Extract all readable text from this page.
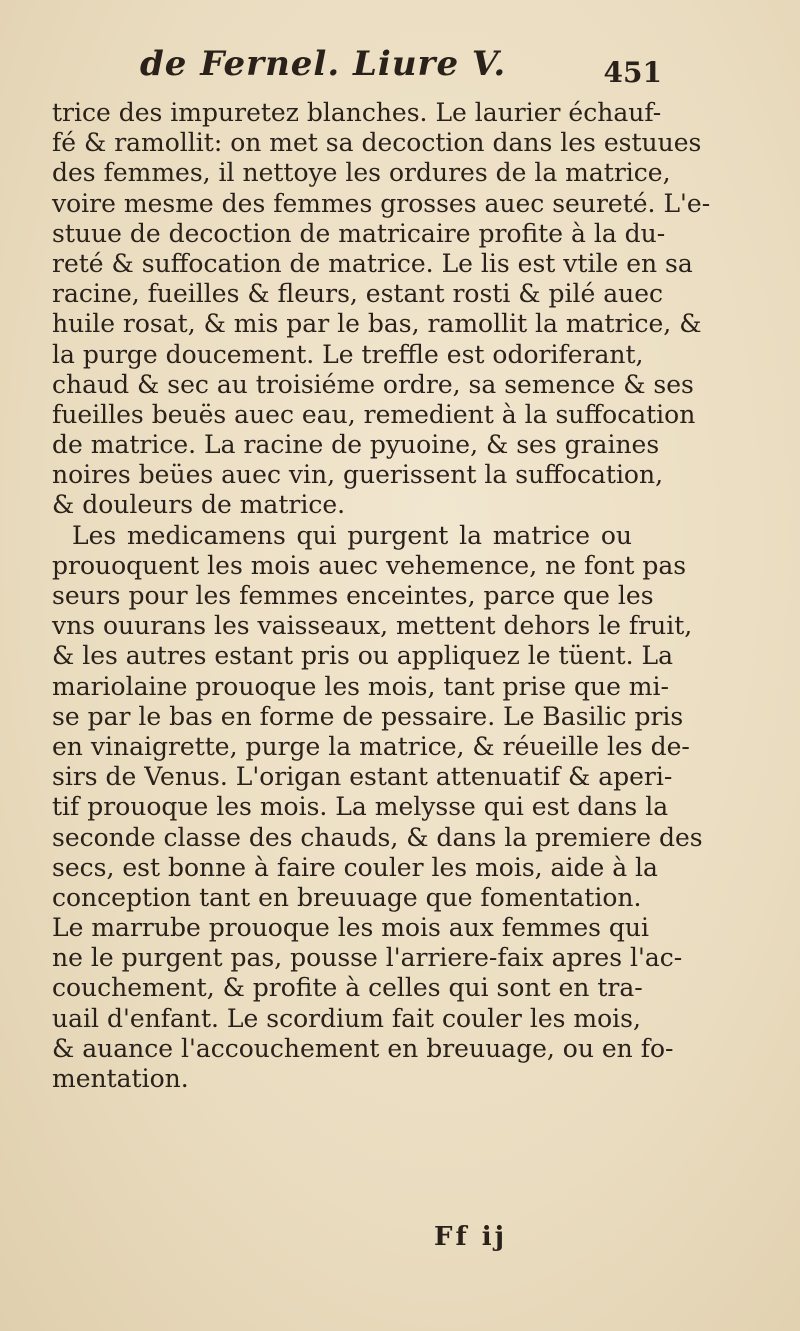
de Fernel. Liure V.	451
trice des impuretez blanches. Le laurier échauf-
fé & ramollit: on met sa decoction dans les estuues
des femmes, il nettoye les ordures de la matrice,
voire mesme des femmes grosses auec seureté. L'e-
stuue de decoction de matricaire profite à la du-
reté & suffocation de matrice. Le lis est vtile en sa
racine, fueilles & fleurs, estant rosti & pilé auec
huile rosat, & mis par le bas, ramollit la matrice, &
la purge doucement. Le treffle est odoriferant,
chaud & sec au troisiéme ordre, sa semence & ses
fueilles beuës auec eau, remedient à la suffocation
de matrice. La racine de pyuoine, & ses graines
noires beües auec vin, guerissent la suffocation,
& douleurs de matrice.
Les medicamens qui purgent la matrice ou
prouoquent les mois auec vehemence, ne font pas
seurs pour les femmes enceintes, parce que les
vns ouurans les vaisseaux, mettent dehors le fruit,
& les autres estant pris ou appliquez le tüent. La
mariolaine prouoque les mois, tant prise que mi-
se par le bas en forme de pessaire. Le Basilic pris
en vinaigrette, purge la matrice, & réueille les de-
sirs de Venus. L'origan estant attenuatif & aperi-
tif prouoque les mois. La melysse qui est dans la
seconde classe des chauds, & dans la premiere des
secs, est bonne à faire couler les mois, aide à la
conception tant en breuuage que fomentation.
Le marrube prouoque les mois aux femmes qui
ne le purgent pas, pousse l'arriere-faix apres l'ac-
couchement, & profite à celles qui sont en tra-
uail d'enfant. Le scordium fait couler les mois,
& auance l'accouchement en breuuage, ou en fo-
mentation.
Ff ij
